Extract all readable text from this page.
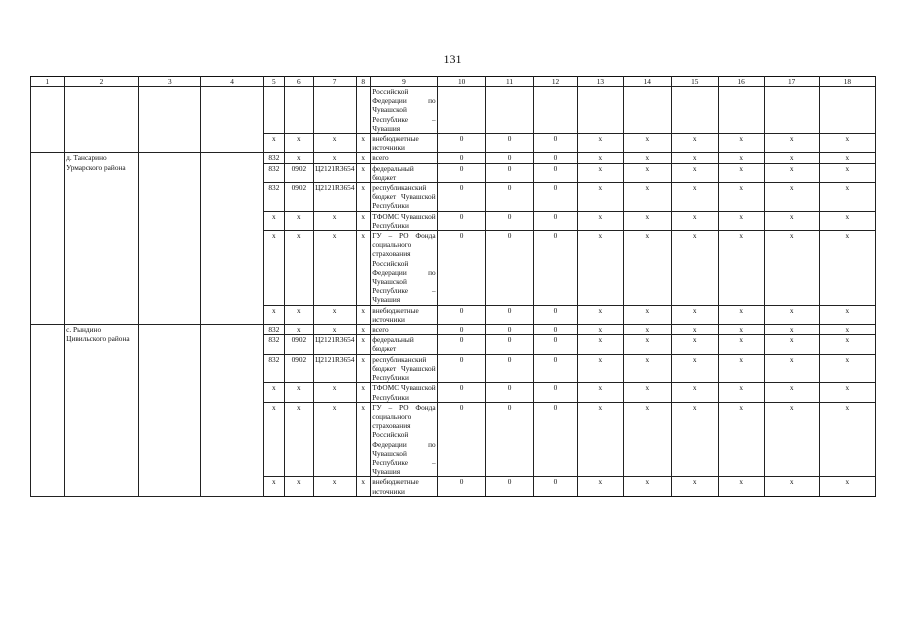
131
1	2	3	4	5	6	7	8	9	10	11	12	13	14	15	16	17	18
								Российской Федерации по Чувашской Республике – Чувашия									
				x	x	x	x	внебюджетные источники	0	0	0	x	x	x	x	x	x
	д. Тансарино Урмарского района			832	x	x	x	всего	0	0	0	x	x	x	x	x	x
				832	0902	Ц2121R3654	x	федеральный бюджет	0	0	0	x	x	x	x	x	x
				832	0902	Ц2121R3654	x	республиканский бюджет Чувашской Республики	0	0	0	x	x	x	x	x	x
				x	x	x	x	ТФОМС Чувашской Республики	0	0	0	x	x	x	x	x	x
				x	x	x	x	ГУ – РО Фонда социального страхования Российской Федерации по Чувашской Республике – Чувашия	0	0	0	x	x	x	x	x	x
				x	x	x	x	внебюджетные источники	0	0	0	x	x	x	x	x	x
	с. Рындино Цивильского района			832	x	x	x	всего	0	0	0	x	x	x	x	x	x
				832	0902	Ц2121R3654	x	федеральный бюджет	0	0	0	x	x	x	x	x	x
				832	0902	Ц2121R3654	x	республиканский бюджет Чувашской Республики	0	0	0	x	x	x	x	x	x
				x	x	x	x	ТФОМС Чувашской Республики	0	0	0	x	x	x	x	x	x
				x	x	x	x	ГУ – РО Фонда социального страхования Российской Федерации по Чувашской Республике – Чувашия	0	0	0	x	x	x	x	x	x
				x	x	x	x	внебюджетные источники	0	0	0	x	x	x	x	x	x
